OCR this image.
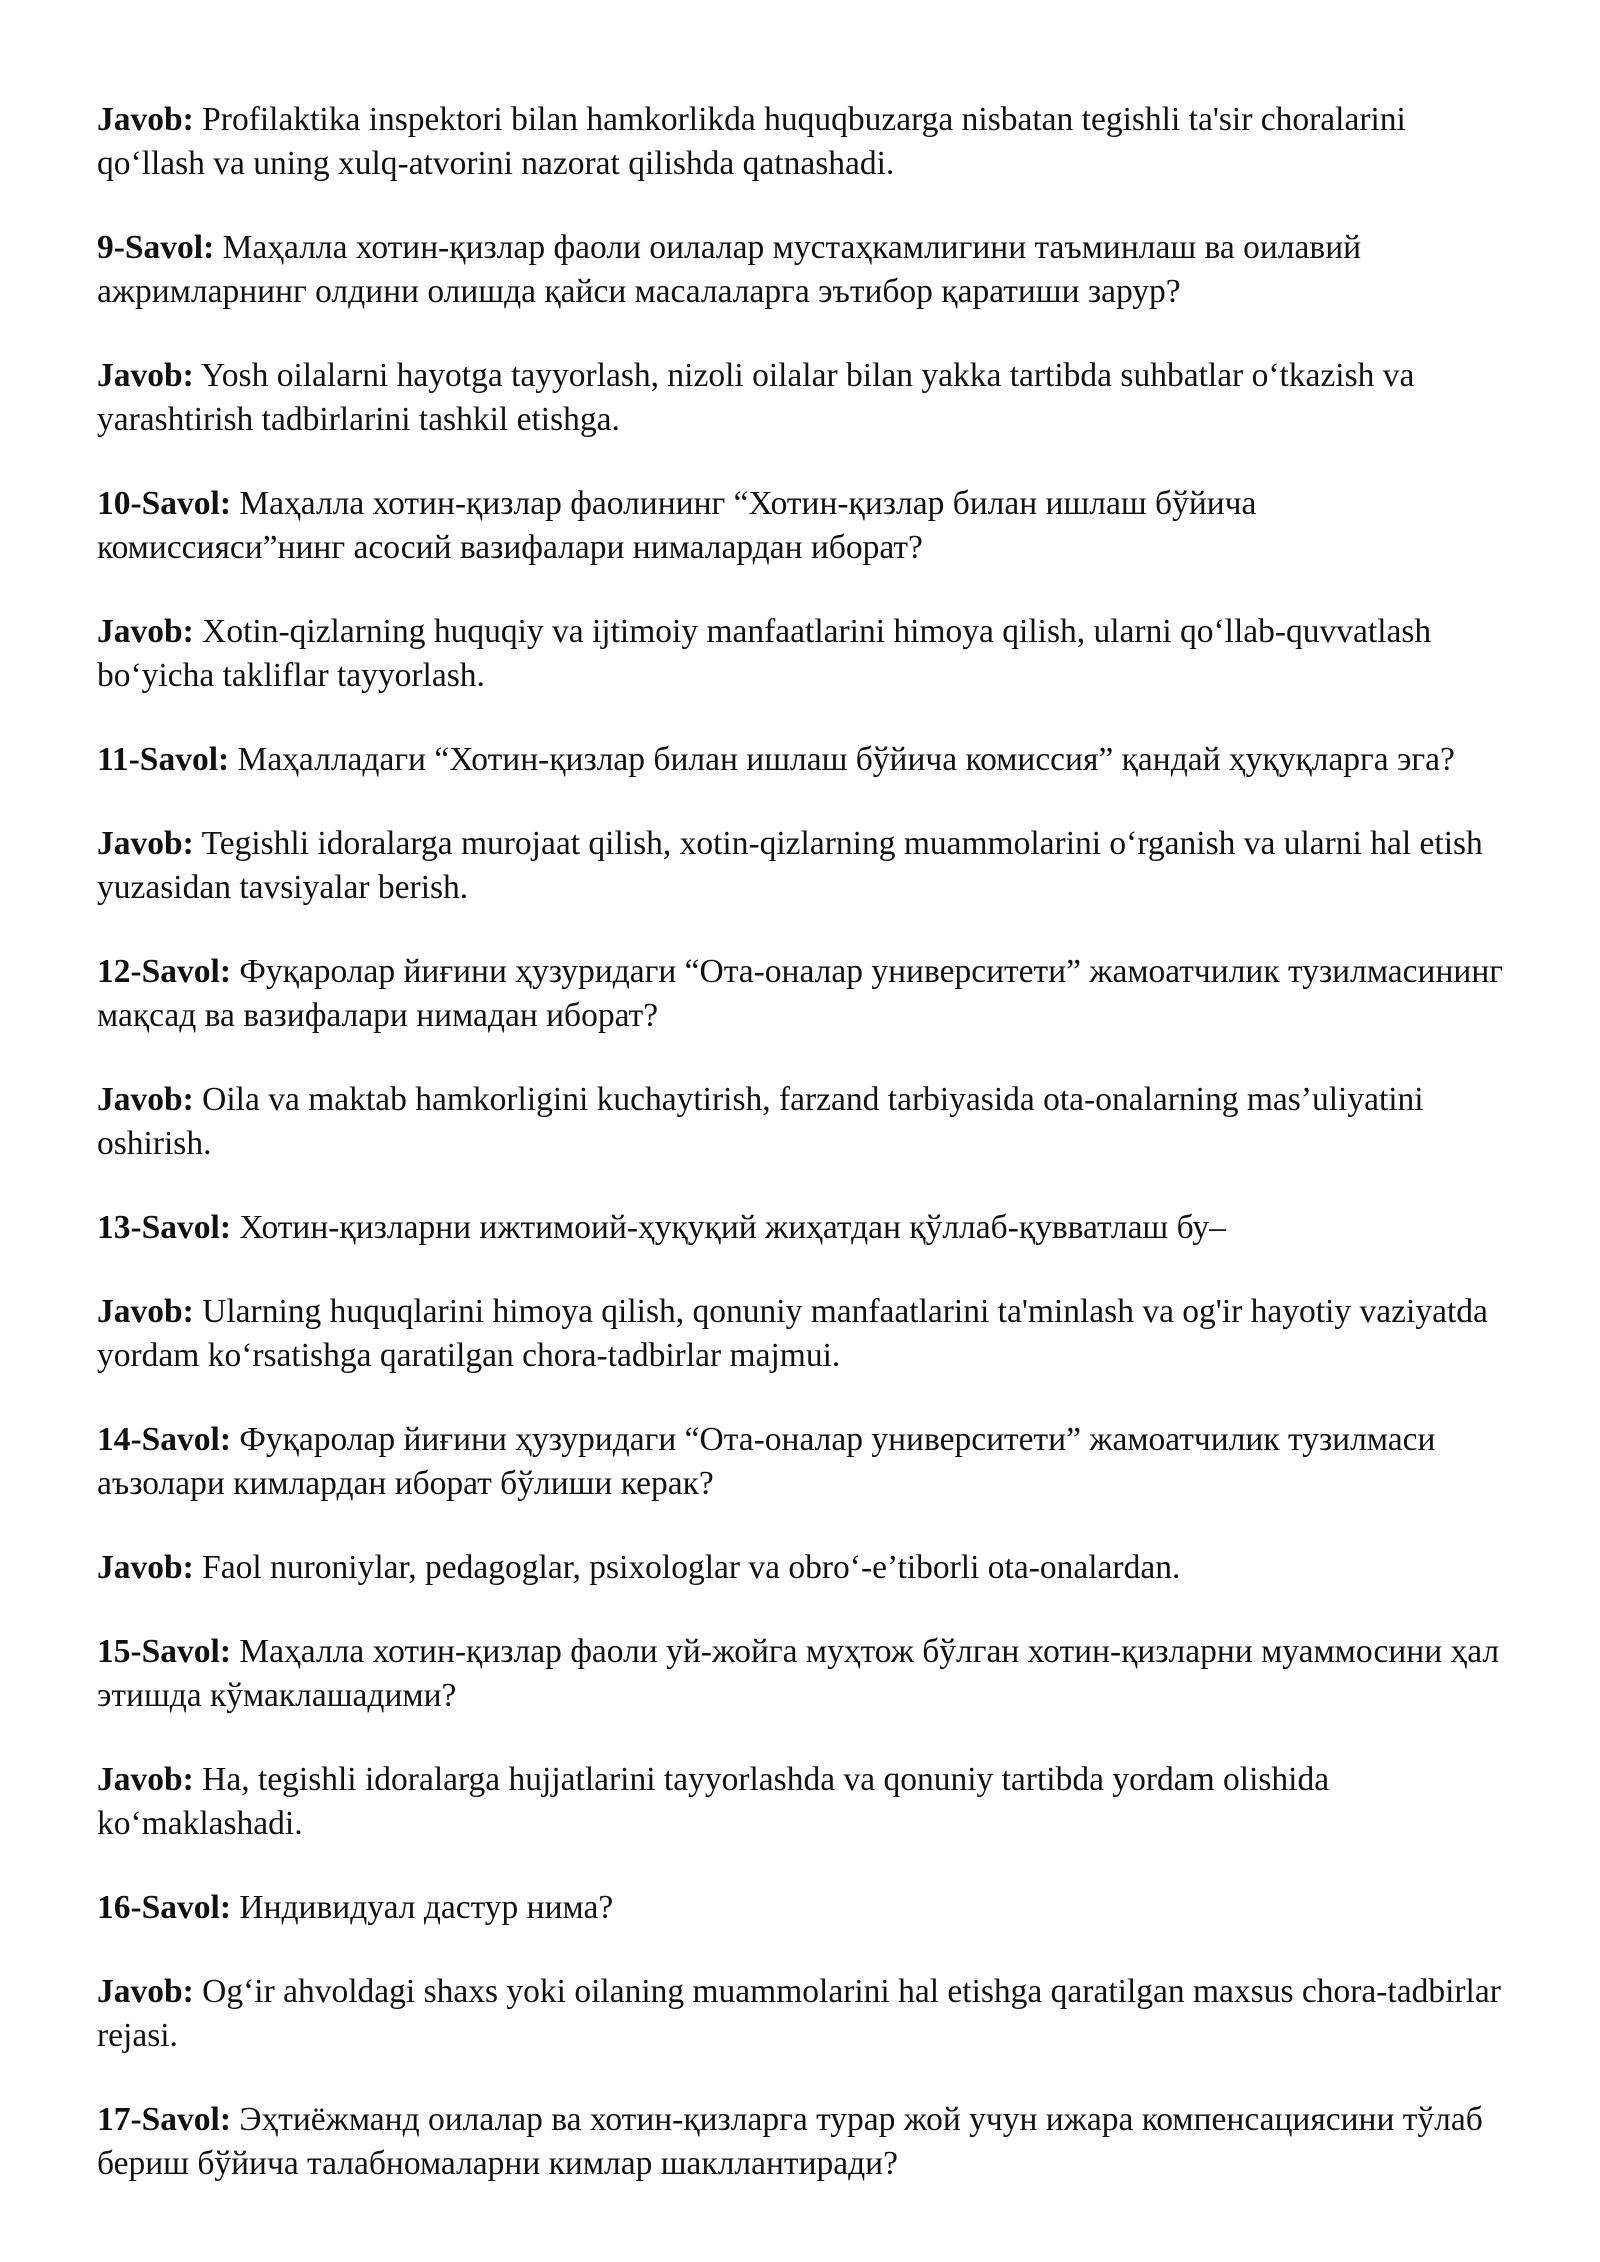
Javob: Profilaktika inspektori bilan hamkorlikda huquqbuzarga nisbatan tegishli ta'sir choralarini qo‘llash va uning xulq-atvorini nazorat qilishda qatnashadi.

9-Savol: Маҳалла хотин-қизлар фаоли оилалар мустаҳкамлигини таъминлаш ва оилавий ажримларнинг олдини олишда қайси масалаларга эътибор қаратиши зарур?

Javob: Yosh oilalarni hayotga tayyorlash, nizoli oilalar bilan yakka tartibda suhbatlar o‘tkazish va yarashtirish tadbirlarini tashkil etishga.

10-Savol: Маҳалла хотин-қизлар фаолининг “Хотин-қизлар билан ишлаш бўйича комиссияси”нинг асосий вазифалари нималардан иборат?

Javob: Xotin-qizlarning huquqiy va ijtimoiy manfaatlarini himoya qilish, ularni qo‘llab-quvvatlash bo‘yicha takliflar tayyorlash.

11-Savol: Маҳалладаги “Хотин-қизлар билан ишлаш бўйича комиссия” қандай ҳуқуқларга эга?

Javob: Tegishli idoralarga murojaat qilish, xotin-qizlarning muammolarini o‘rganish va ularni hal etish yuzasidan tavsiyalar berish.

12-Savol: Фуқаролар йиғини ҳузуридаги “Ота-оналар университети” жамоатчилик тузилмасининг мақсад ва вазифалари нимадан иборат?

Javob: Oila va maktab hamkorligini kuchaytirish, farzand tarbiyasida ota-onalarning mas’uliyatini oshirish.

13-Savol: Хотин-қизларни ижтимоий-ҳуқуқий жиҳатдан қўллаб-қувватлаш бу–

Javob: Ularning huquqlarini himoya qilish, qonuniy manfaatlarini ta'minlash va og'ir hayotiy vaziyatda yordam ko‘rsatishga qaratilgan chora-tadbirlar majmui.

14-Savol: Фуқаролар йиғини ҳузуридаги “Ота-оналар университети” жамоатчилик тузилмаси аъзолари кимлардан иборат бўлиши керак?

Javob: Faol nuroniylar, pedagoglar, psixologlar va obro‘-e’tiborli ota-onalardan.

15-Savol: Маҳалла хотин-қизлар фаоли уй-жойга муҳтож бўлган хотин-қизларни муаммосини ҳал этишда кўмаклашадими?

Javob: Ha, tegishli idoralarga hujjatlarini tayyorlashda va qonuniy tartibda yordam olishida ko‘maklashadi.

16-Savol: Индивидуал дастур нима?

Javob: Og‘ir ahvoldagi shaxs yoki oilaning muammolarini hal etishga qaratilgan maxsus chora-tadbirlar rejasi.

17-Savol: Эҳтиёжманд оилалар ва хотин-қизларга турар жой учун ижара компенсациясини тўлаб бериш бўйича талабномаларни кимлар шакллантиради?
